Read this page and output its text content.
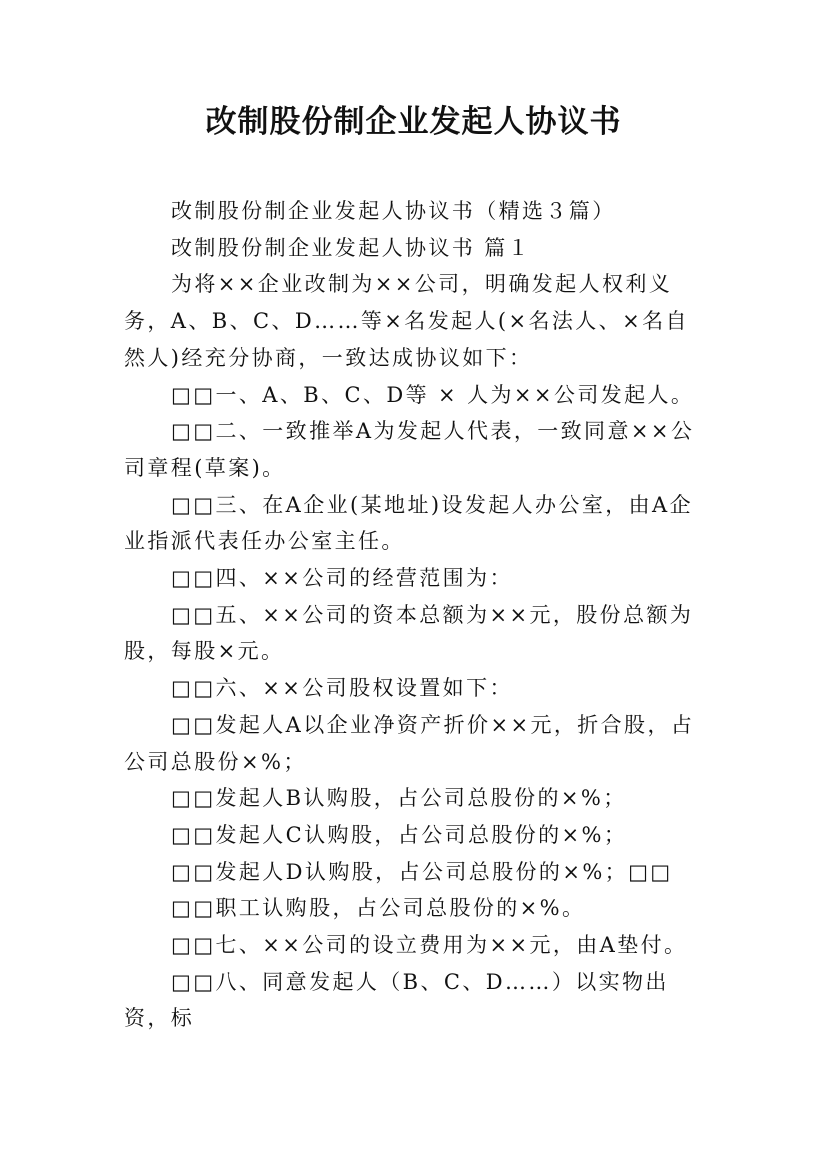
改制股份制企业发起人协议书

改制股份制企业发起人协议书（精选３篇）

改制股份制企业发起人协议书 篇１

为将××企业改制为××公司，明确发起人权利义务，A、B、C、D……等×名发起人(×名法人、×名自然人)经充分协商，一致达成协议如下：

□□一、A、B、C、D等 × 人为××公司发起人。

□□二、一致推举A为发起人代表，一致同意××公司章程(草案)。

□□三、在A企业(某地址)设发起人办公室，由A企业指派代表任办公室主任。

□□四、××公司的经营范围为：

□□五、××公司的资本总额为××元，股份总额为股，每股×元。

□□六、××公司股权设置如下：

□□发起人A以企业净资产折价××元，折合股，占公司总股份×%；

□□发起人B认购股，占公司总股份的×%；

□□发起人C认购股，占公司总股份的×%；

□□发起人D认购股，占公司总股份的×%；□□

□□职工认购股，占公司总股份的×%。

□□七、××公司的设立费用为××元，由A垫付。

□□八、同意发起人（B、C、D……）以实物出资，标
